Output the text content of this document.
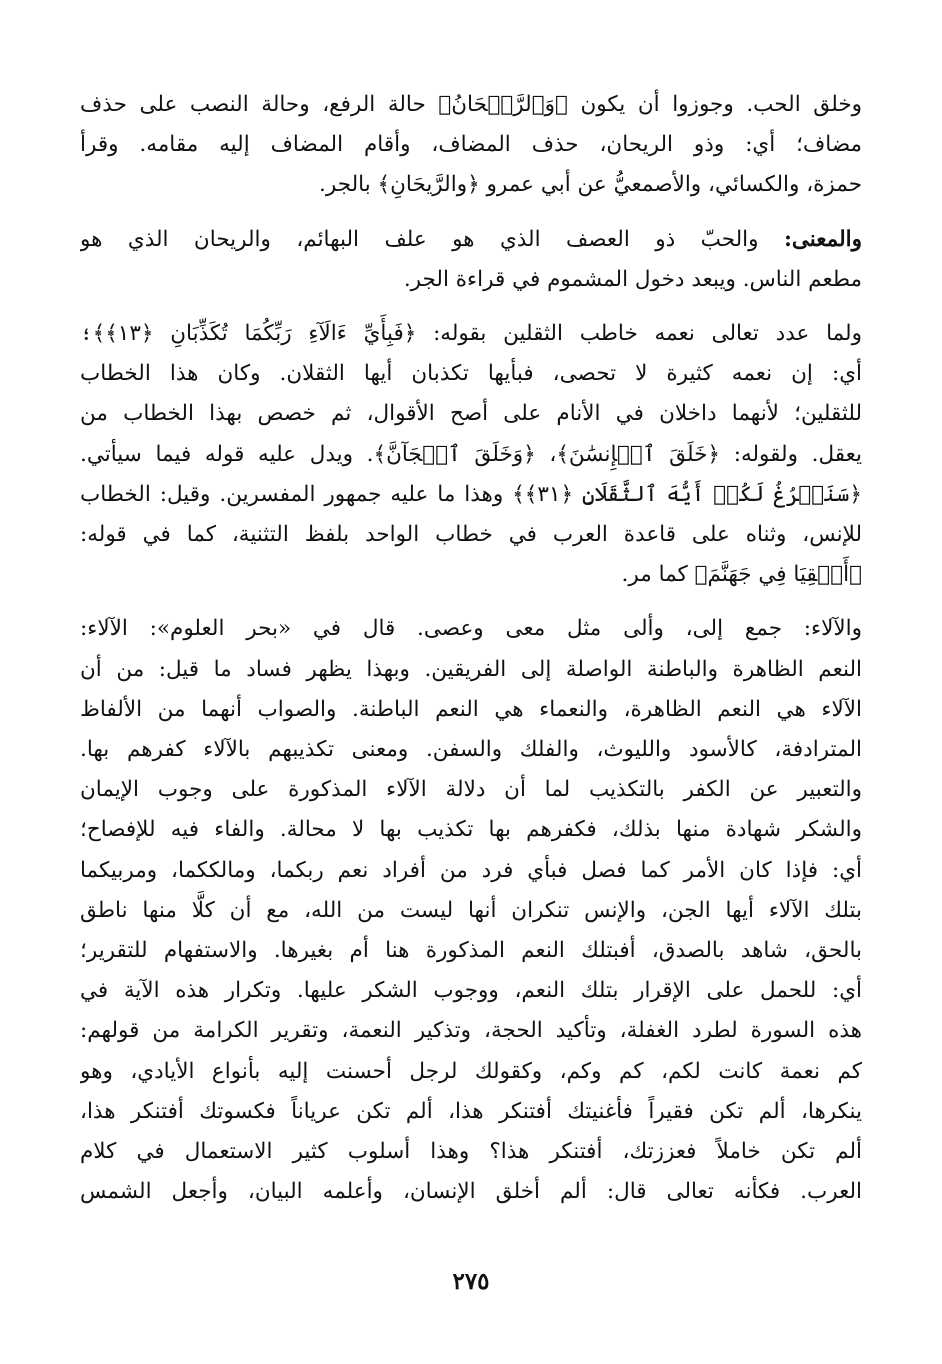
وخلق الحب. وجوزوا أن يكون ﴿وَٱلرَّيۡحَانُ﴾ حالة الرفع، وحالة النصب على حذف
مضاف؛ أي: وذو الريحان، حذف المضاف، وأقام المضاف إليه مقامه. وقرأ
حمزة، والكسائي، والأصمعيُّ عن أبي عمرو ﴿والرَّيحَانِ﴾ بالجر.
والمعنى: والحبّ ذو العصف الذي هو علف البهائم، والريحان الذي هو
مطعم الناس. ويبعد دخول المشموم في قراءة الجر.
ولما عدد تعالى نعمه خاطب الثقلين بقوله: ﴿فَبِأَيِّ ءَالَآءِ رَبِّكُمَا تُكَذِّبَانِ ﴿١٣﴾﴾؛
أي: إن نعمه كثيرة لا تحصى، فبأيها تكذبان أيها الثقلان. وكان هذا الخطاب
للثقلين؛ لأنهما داخلان في الأنام على أصح الأقوال، ثم خصص بهذا الخطاب من
يعقل. ولقوله: ﴿خَلَقَ ٱلۡإِنسَٰنَ﴾، ﴿وَخَلَقَ ٱلۡجَآنَّ﴾. ويدل عليه قوله فيما سيأتي.
﴿سَنَفۡرُغُ لَكُمۡ أَيُّهَ ٱلثَّقَلَانِ ﴿٣١﴾﴾ وهذا ما عليه جمهور المفسرين. وقيل: الخطاب
للإنس، وثناه على قاعدة العرب في خطاب الواحد بلفظ التثنية، كما في قوله:
﴿أَلۡقِيَا فِي جَهَنَّمَ﴾ كما مر.
والآلاء: جمع إلى، وألى مثل معى وعصى. قال في «بحر العلوم»: الآلاء:
النعم الظاهرة والباطنة الواصلة إلى الفريقين. وبهذا يظهر فساد ما قيل: من أن
الآلاء هي النعم الظاهرة، والنعماء هي النعم الباطنة. والصواب أنهما من الألفاظ
المترادفة، كالأسود والليوث، والفلك والسفن. ومعنى تكذيبهم بالآلاء كفرهم بها.
والتعبير عن الكفر بالتكذيب لما أن دلالة الآلاء المذكورة على وجوب الإيمان
والشكر شهادة منها بذلك، فكفرهم بها تكذيب بها لا محالة. والفاء فيه للإفصاح؛
أي: فإذا كان الأمر كما فصل فبأي فرد من أفراد نعم ربكما، ومالككما، ومربيكما
بتلك الآلاء أيها الجن، والإنس تنكران أنها ليست من الله، مع أن كلًّا منها ناطق
بالحق، شاهد بالصدق، أفبتلك النعم المذكورة هنا أم بغيرها. والاستفهام للتقرير؛
أي: للحمل على الإقرار بتلك النعم، ووجوب الشكر عليها. وتكرار هذه الآية في
هذه السورة لطرد الغفلة، وتأكيد الحجة، وتذكير النعمة، وتقرير الكرامة من قولهم:
كم نعمة كانت لكم، كم وكم، وكقولك لرجل أحسنت إليه بأنواع الأيادي، وهو
ينكرها، ألم تكن فقيراً فأغنيتك أفتنكر هذا، ألم تكن عرياناً فكسوتك أفتنكر هذا،
ألم تكن خاملاً فعززتك، أفتنكر هذا؟ وهذا أسلوب كثير الاستعمال في كلام
العرب. فكأنه تعالى قال: ألم أخلق الإنسان، وأعلمه البيان، وأجعل الشمس
٢٧٥
